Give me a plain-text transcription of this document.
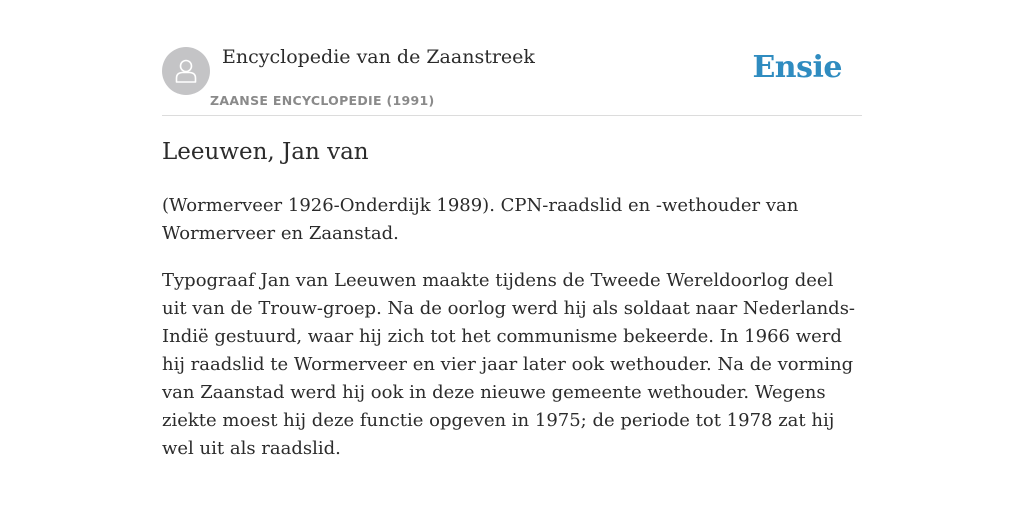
Encyclopedie van de Zaanstreek
ZAANSE ENCYCLOPEDIE (1991)
Ensie
Leeuwen, Jan van

(Wormerveer 1926-Onderdijk 1989). CPN-raadslid en -wethouder van Wormerveer en Zaanstad.

Typograaf Jan van Leeuwen maakte tijdens de Tweede Wereldoorlog deel uit van de Trouw-groep. Na de oorlog werd hij als soldaat naar Nederlands-Indië gestuurd, waar hij zich tot het communisme bekeerde. In 1966 werd hij raadslid te Wormerveer en vier jaar later ook wethouder. Na de vorming van Zaanstad werd hij ook in deze nieuwe gemeente wethouder. Wegens ziekte moest hij deze functie opgeven in 1975; de periode tot 1978 zat hij wel uit als raadslid.
